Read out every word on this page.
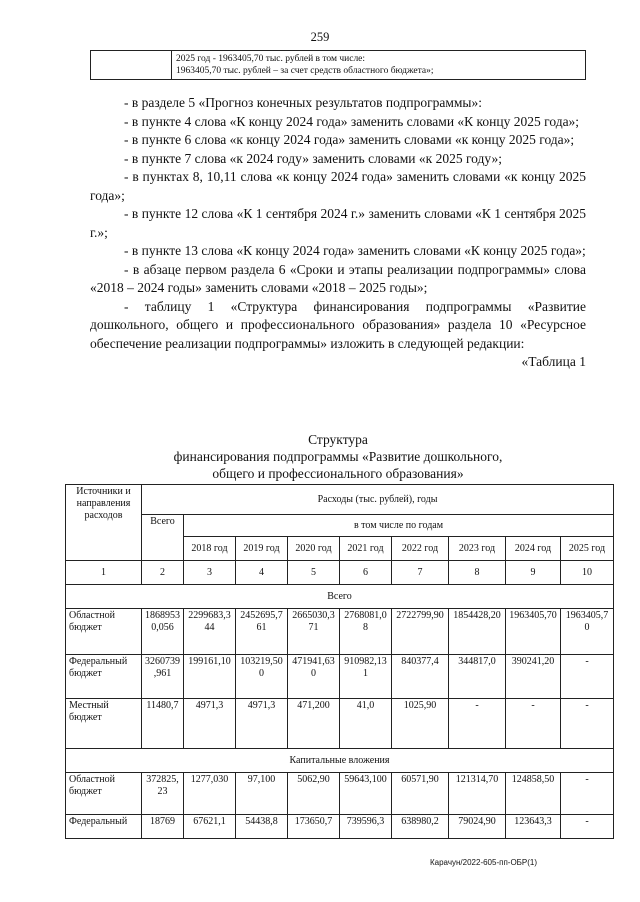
259

2025 год - 1963405,70 тыс. рублей в том числе:
1963405,70 тыс. рублей – за счет средств областного бюджета»;

- в разделе 5 «Прогноз конечных результатов подпрограммы»:

- в пункте 4 слова «К концу 2024 года» заменить словами «К концу 2025 года»;

- в пункте 6 слова «к концу 2024 года» заменить словами «к концу 2025 года»;

- в пункте 7 слова «к 2024 году» заменить словами «к 2025 году»;

- в пунктах 8, 10,11 слова «к концу 2024 года» заменить словами «к концу 2025 года»;

- в пункте 12 слова «К 1 сентября 2024 г.» заменить словами «К 1 сентября 2025 г.»;

- в пункте 13 слова «К концу 2024 года» заменить словами «К концу 2025 года»;

- в абзаце первом раздела 6 «Сроки и этапы реализации подпрограммы» слова «2018 – 2024 годы» заменить словами «2018 – 2025 годы»;

- таблицу 1 «Структура финансирования подпрограммы «Развитие дошкольного, общего и профессионального образования» раздела 10 «Ресурсное обеспечение реализации подпрограммы» изложить в следующей редакции:

«Таблица 1

Структура
финансирования подпрограммы «Развитие дошкольного,
общего и профессионального образования»
Источники и направления расходов	Расходы (тыс. рублей), годы								
	Всего	в том числе по годам							
		2018 год	2019 год	2020 год	2021 год	2022 год	2023 год	2024 год	2025 год
1	2	3	4	5	6	7	8	9	10
Всего									
Областной бюджет	18689530,056	2299683,344	2452695,761	2665030,371	2768081,08	2722799,90	1854428,20	1963405,70	1963405,70
Федеральный бюджет	3260739,961	199161,10	103219,500	471941,630	910982,131	840377,4	344817,0	390241,20	-
Местный бюджет	11480,7	4971,3	4971,3	471,200	41,0	1025,90	-	-	-
Капитальные вложения									
Областной бюджет	372825,23	1277,030	97,100	5062,90	59643,100	60571,90	121314,70	124858,50	-
Федеральный	18769	67621,1	54438,8	173650,7	739596,3	638980,2	79024,90	123643,3	-
Карачун/2022-605-пп-ОБР(1)
